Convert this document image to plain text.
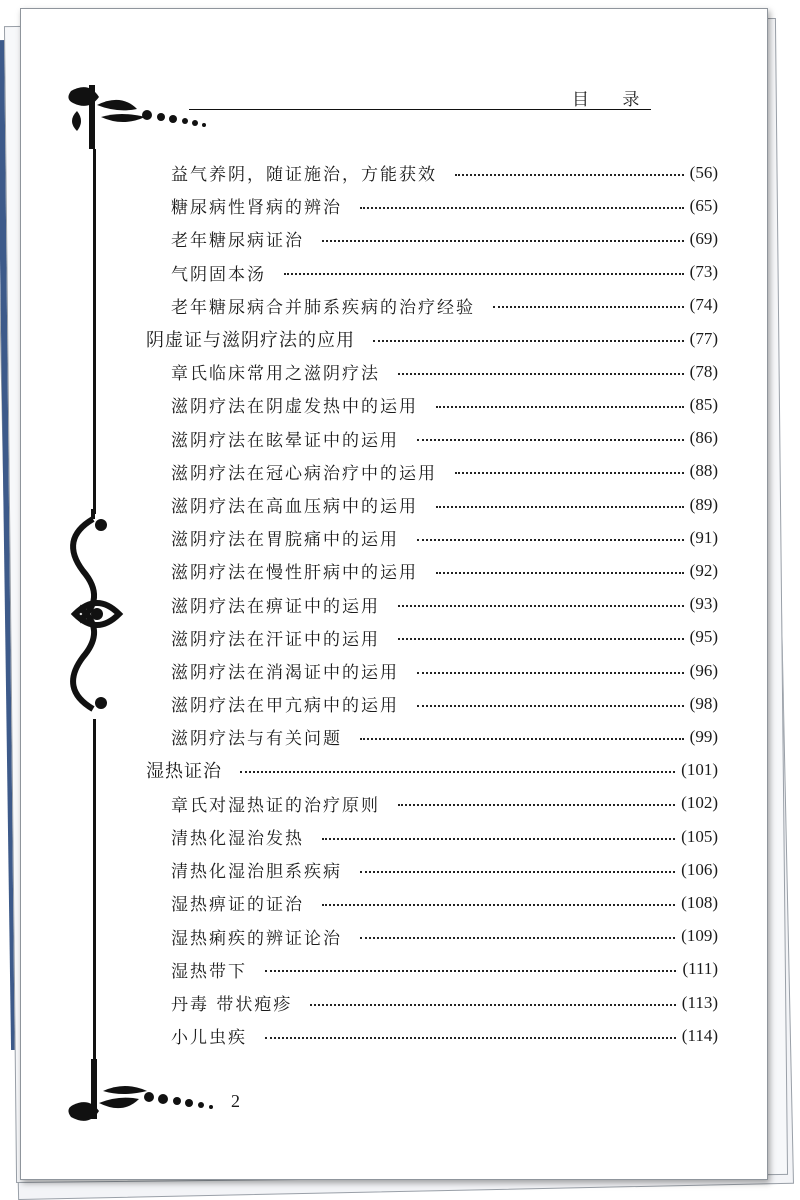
目 录
益气养阴，随证施治，方能获效	(56)
糖尿病性肾病的辨治	(65)
老年糖尿病证治	(69)
气阴固本汤	(73)
老年糖尿病合并肺系疾病的治疗经验	(74)
阴虚证与滋阴疗法的应用	(77)
章氏临床常用之滋阴疗法	(78)
滋阴疗法在阴虚发热中的运用	(85)
滋阴疗法在眩晕证中的运用	(86)
滋阴疗法在冠心病治疗中的运用	(88)
滋阴疗法在高血压病中的运用	(89)
滋阴疗法在胃脘痛中的运用	(91)
滋阴疗法在慢性肝病中的运用	(92)
滋阴疗法在痹证中的运用	(93)
滋阴疗法在汗证中的运用	(95)
滋阴疗法在消渴证中的运用	(96)
滋阴疗法在甲亢病中的运用	(98)
滋阴疗法与有关问题	(99)
湿热证治	(101)
章氏对湿热证的治疗原则	(102)
清热化湿治发热	(105)
清热化湿治胆系疾病	(106)
湿热痹证的证治	(108)
湿热痢疾的辨证论治	(109)
湿热带下	(111)
丹毒 带状疱疹	(113)
小儿虫疾	(114)
2
